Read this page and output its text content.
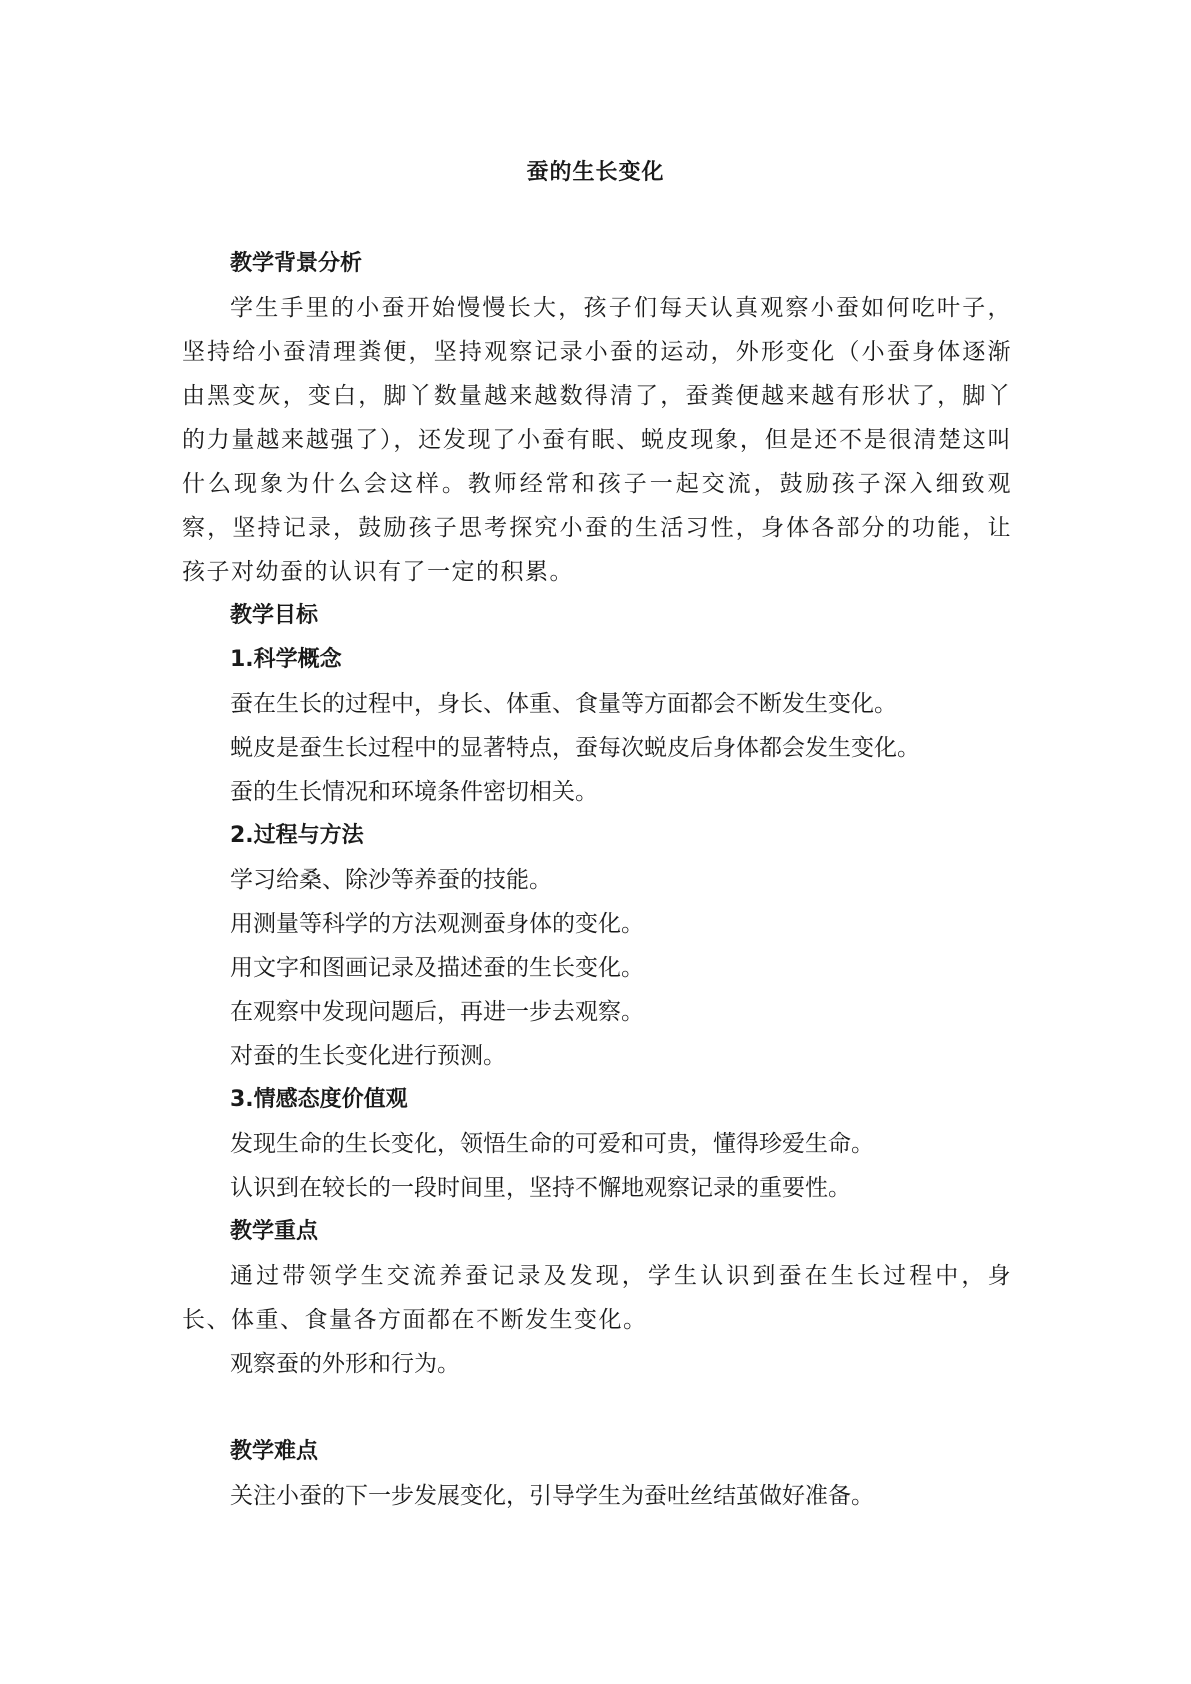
蚕的生长变化
教学背景分析
学生手里的小蚕开始慢慢长大，孩子们每天认真观察小蚕如何吃叶子，坚持给小蚕清理粪便，坚持观察记录小蚕的运动，外形变化（小蚕身体逐渐由黑变灰，变白，脚丫数量越来越数得清了，蚕粪便越来越有形状了，脚丫的力量越来越强了），还发现了小蚕有眠、蜕皮现象，但是还不是很清楚这叫什么现象为什么会这样。教师经常和孩子一起交流，鼓励孩子深入细致观察，坚持记录，鼓励孩子思考探究小蚕的生活习性，身体各部分的功能，让孩子对幼蚕的认识有了一定的积累。
教学目标
1.科学概念
蚕在生长的过程中，身长、体重、食量等方面都会不断发生变化。
蜕皮是蚕生长过程中的显著特点，蚕每次蜕皮后身体都会发生变化。
蚕的生长情况和环境条件密切相关。
2.过程与方法
学习给桑、除沙等养蚕的技能。
用测量等科学的方法观测蚕身体的变化。
用文字和图画记录及描述蚕的生长变化。
在观察中发现问题后，再进一步去观察。
对蚕的生长变化进行预测。
3.情感态度价值观
发现生命的生长变化，领悟生命的可爱和可贵，懂得珍爱生命。
认识到在较长的一段时间里，坚持不懈地观察记录的重要性。
教学重点
通过带领学生交流养蚕记录及发现，学生认识到蚕在生长过程中，身长、体重、食量各方面都在不断发生变化。
观察蚕的外形和行为。
教学难点
关注小蚕的下一步发展变化，引导学生为蚕吐丝结茧做好准备。
